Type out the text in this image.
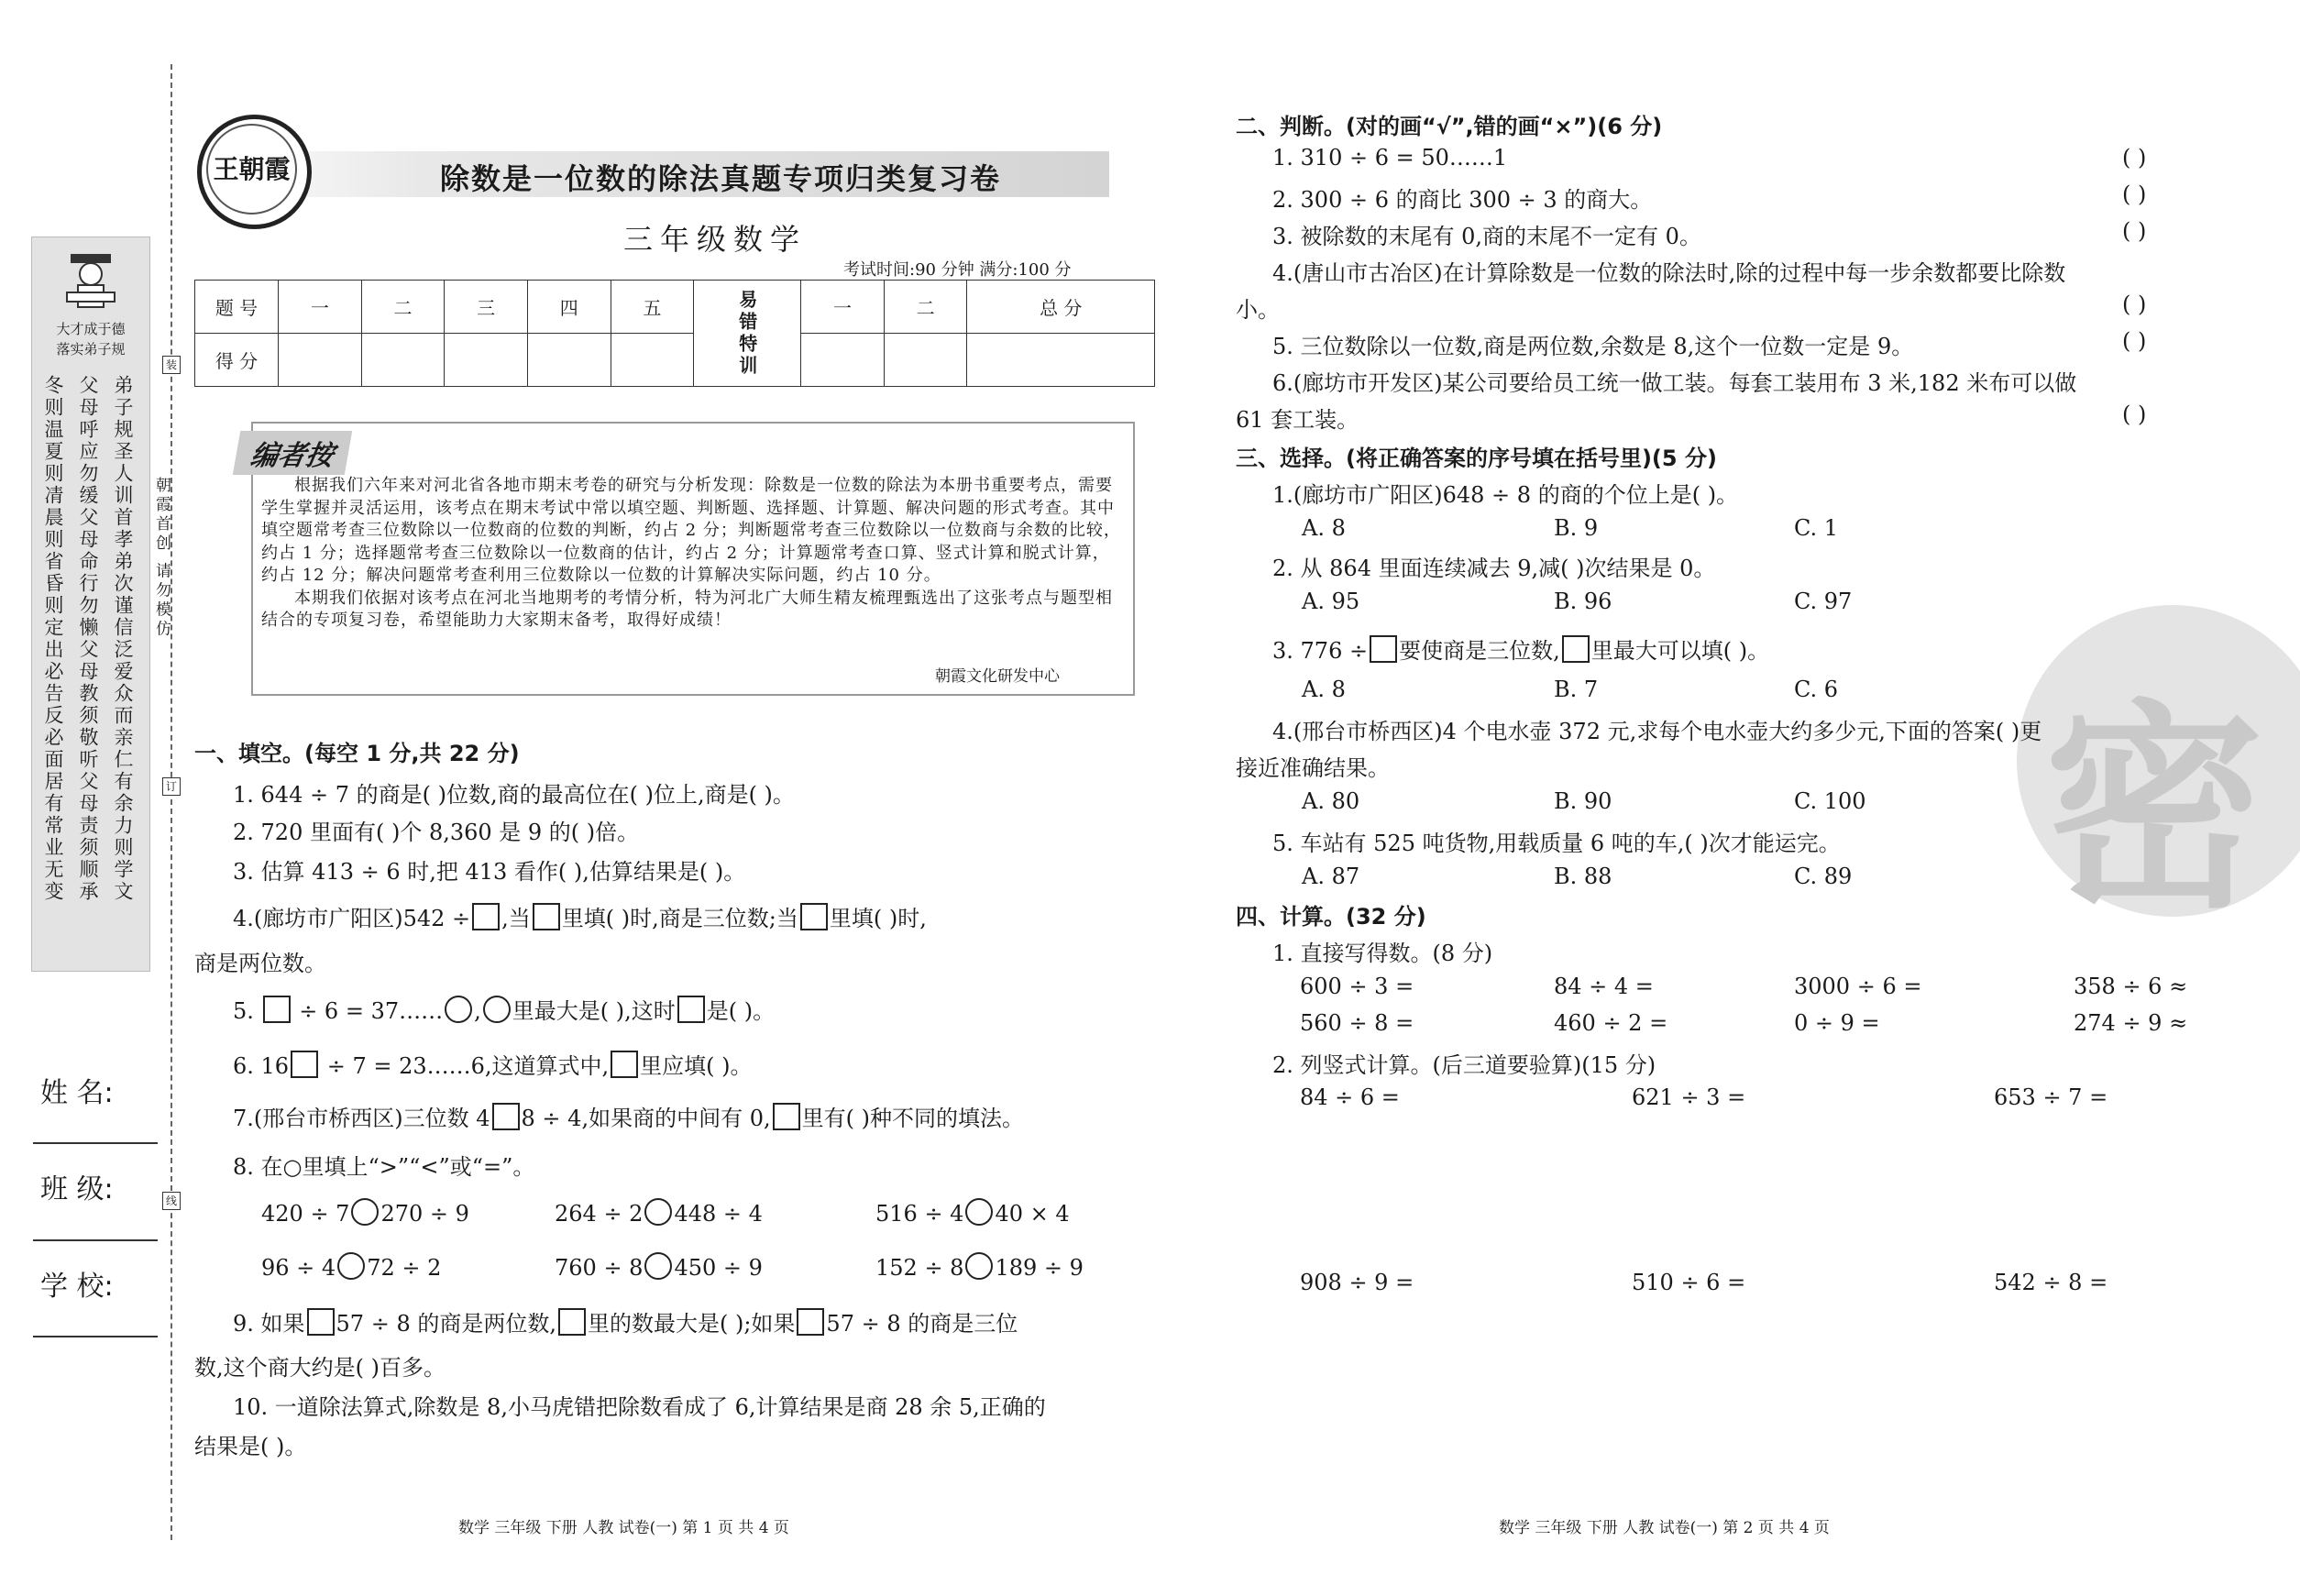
大才成于德
落实弟子规
弟子规圣人训首孝弟次谨信泛爱众而亲仁有余力则学文
父母呼应勿缓父母命行勿懒父母教须敬听父母责须顺承
冬则温夏则凊晨则省昏则定出必告反必面居有常业无变
装
订
线
朝霞首创 请勿模仿
姓 名:
班 级:
学 校:
王朝霞	除数是一位数的除法真题专项归类复习卷
三年级数学
考试时间:90 分钟 满分:100 分
题 号	一	二	三	四	五	易错特训	一	二	总 分
得 分									
编者按

根据我们六年来对河北省各地市期末考卷的研究与分析发现：除数是一位数的除法为本册书重要考点，需要学生掌握并灵活运用，该考点在期末考试中常以填空题、判断题、选择题、计算题、解决问题的形式考查。其中填空题常考查三位数除以一位数商的位数的判断，约占 2 分；判断题常考查三位数除以一位数商与余数的比较，约占 1 分；选择题常考查三位数除以一位数商的估计，约占 2 分；计算题常考查口算、竖式计算和脱式计算，约占 12 分；解决问题常考查利用三位数除以一位数的计算解决实际问题，约占 10 分。

本期我们依据对该考点在河北当地期考的考情分析，特为河北广大师生精友梳理甄选出了这张考点与题型相结合的专项复习卷，希望能助力大家期末备考，取得好成绩！

朝霞文化研发中心
一、填空。(每空 1 分,共 22 分)
1. 644 ÷ 7 的商是( )位数,商的最高位在( )位上,商是( )。
2. 720 里面有( )个 8,360 是 9 的( )倍。
3. 估算 413 ÷ 6 时,把 413 看作( ),估算结果是( )。
4.(廊坊市广阳区)542 ÷ ,当 里填( )时,商是三位数;当 里填( )时,
商是两位数。
5. ÷ 6 = 37…… , 里最大是( ),这时 是( )。
6. 16 ÷ 7 = 23……6,这道算式中, 里应填( )。
7.(邢台市桥西区)三位数 4 8 ÷ 4,如果商的中间有 0, 里有( )种不同的填法。
8. 在○里填上“>”“<”或“=”。
420 ÷ 7 270 ÷ 9	264 ÷ 2 448 ÷ 4	516 ÷ 4 40 × 4
96 ÷ 4 72 ÷ 2	760 ÷ 8 450 ÷ 9	152 ÷ 8 189 ÷ 9
9. 如果 57 ÷ 8 的商是两位数, 里的数最大是( );如果 57 ÷ 8 的商是三位
数,这个商大约是( )百多。
10. 一道除法算式,除数是 8,小马虎错把除数看成了 6,计算结果是商 28 余 5,正确的
结果是( )。
数学 三年级 下册 人教 试卷(一) 第 1 页 共 4 页
密
二、判断。(对的画“√”,错的画“×”)(6 分)
1. 310 ÷ 6 = 50……1	( )
2. 300 ÷ 6 的商比 300 ÷ 3 的商大。	( )
3. 被除数的末尾有 0,商的末尾不一定有 0。	( )
4.(唐山市古冶区)在计算除数是一位数的除法时,除的过程中每一步余数都要比除数
小。	( )
5. 三位数除以一位数,商是两位数,余数是 8,这个一位数一定是 9。	( )
6.(廊坊市开发区)某公司要给员工统一做工装。每套工装用布 3 米,182 米布可以做
61 套工装。	( )
三、选择。(将正确答案的序号填在括号里)(5 分)
1.(廊坊市广阳区)648 ÷ 8 的商的个位上是( )。
A. 8	B. 9	C. 1
2. 从 864 里面连续减去 9,减( )次结果是 0。
A. 95	B. 96	C. 97
3. 776 ÷ 要使商是三位数, 里最大可以填( )。
A. 8	B. 7	C. 6
4.(邢台市桥西区)4 个电水壶 372 元,求每个电水壶大约多少元,下面的答案( )更
接近准确结果。
A. 80	B. 90	C. 100
5. 车站有 525 吨货物,用载质量 6 吨的车,( )次才能运完。
A. 87	B. 88	C. 89
四、计算。(32 分)
1. 直接写得数。(8 分)
600 ÷ 3 =	84 ÷ 4 =	3000 ÷ 6 =	358 ÷ 6 ≈
560 ÷ 8 =	460 ÷ 2 =	0 ÷ 9 =	274 ÷ 9 ≈
2. 列竖式计算。(后三道要验算)(15 分)
84 ÷ 6 =	621 ÷ 3 =	653 ÷ 7 =
908 ÷ 9 =	510 ÷ 6 =	542 ÷ 8 =
数学 三年级 下册 人教 试卷(一) 第 2 页 共 4 页
